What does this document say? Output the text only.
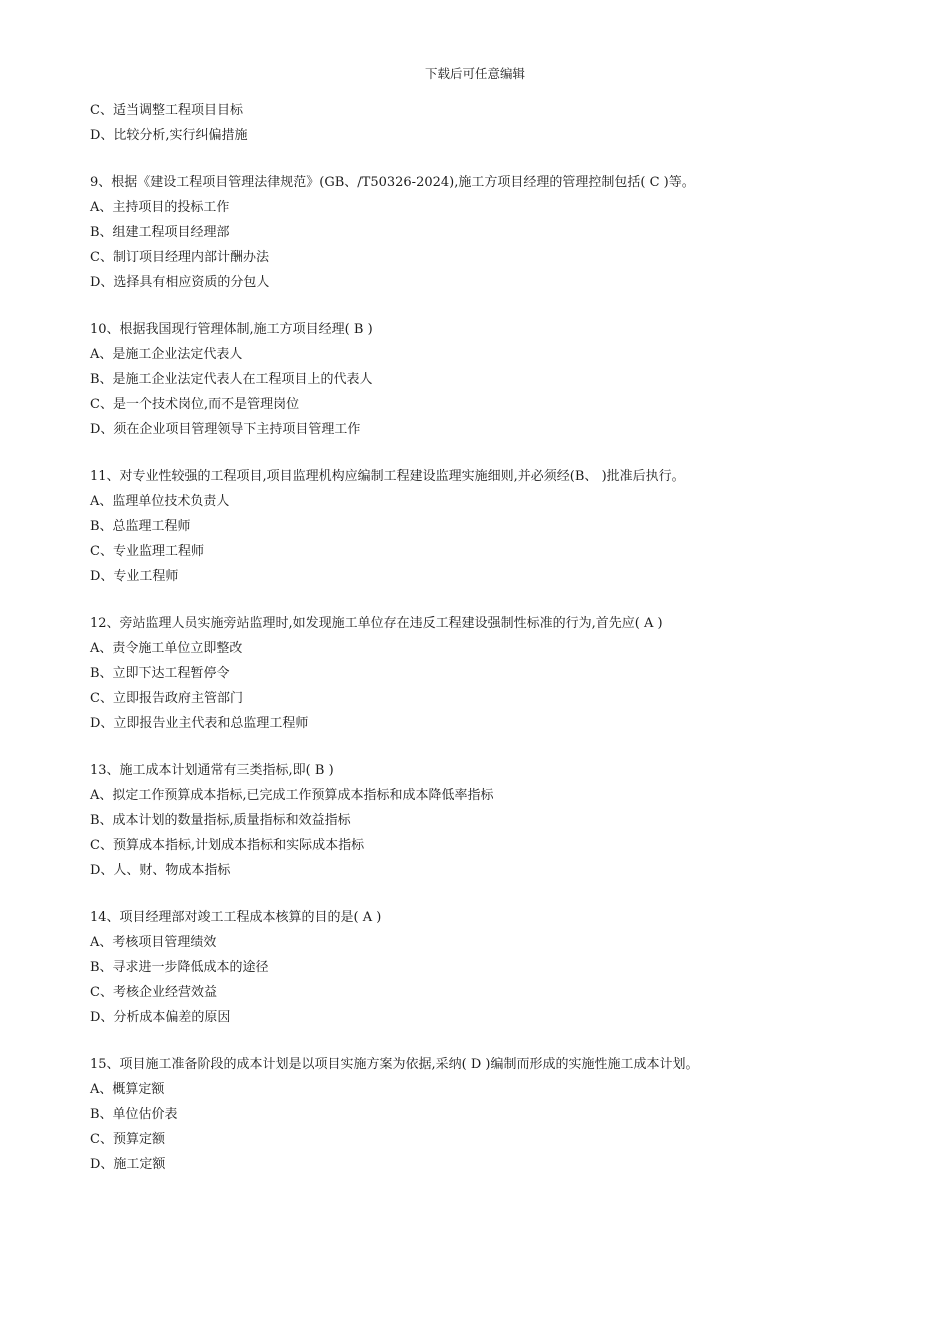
下载后可任意编辑
C、适当调整工程项目目标
D、比较分析,实行纠偏措施
9、根据《建设工程项目管理法律规范》(GB、/T50326-2024),施工方项目经理的管理控制包括( C )等。
A、主持项目的投标工作
B、组建工程项目经理部
C、制订项目经理内部计酬办法
D、选择具有相应资质的分包人
10、根据我国现行管理体制,施工方项目经理( B )
A、是施工企业法定代表人
B、是施工企业法定代表人在工程项目上的代表人
C、是一个技术岗位,而不是管理岗位
D、须在企业项目管理领导下主持项目管理工作
11、对专业性较强的工程项目,项目监理机构应编制工程建设监理实施细则,并必须经(B、 )批准后执行。
A、监理单位技术负责人
B、总监理工程师
C、专业监理工程师
D、专业工程师
12、旁站监理人员实施旁站监理时,如发现施工单位存在违反工程建设强制性标准的行为,首先应( A )
A、责令施工单位立即整改
B、立即下达工程暂停令
C、立即报告政府主管部门
D、立即报告业主代表和总监理工程师
13、施工成本计划通常有三类指标,即( B )
A、拟定工作预算成本指标,已完成工作预算成本指标和成本降低率指标
B、成本计划的数量指标,质量指标和效益指标
C、预算成本指标,计划成本指标和实际成本指标
D、人、财、物成本指标
14、项目经理部对竣工工程成本核算的目的是( A )
A、考核项目管理绩效
B、寻求进一步降低成本的途径
C、考核企业经营效益
D、分析成本偏差的原因
15、项目施工准备阶段的成本计划是以项目实施方案为依据,采纳( D )编制而形成的实施性施工成本计划。
A、概算定额
B、单位估价表
C、预算定额
D、施工定额
